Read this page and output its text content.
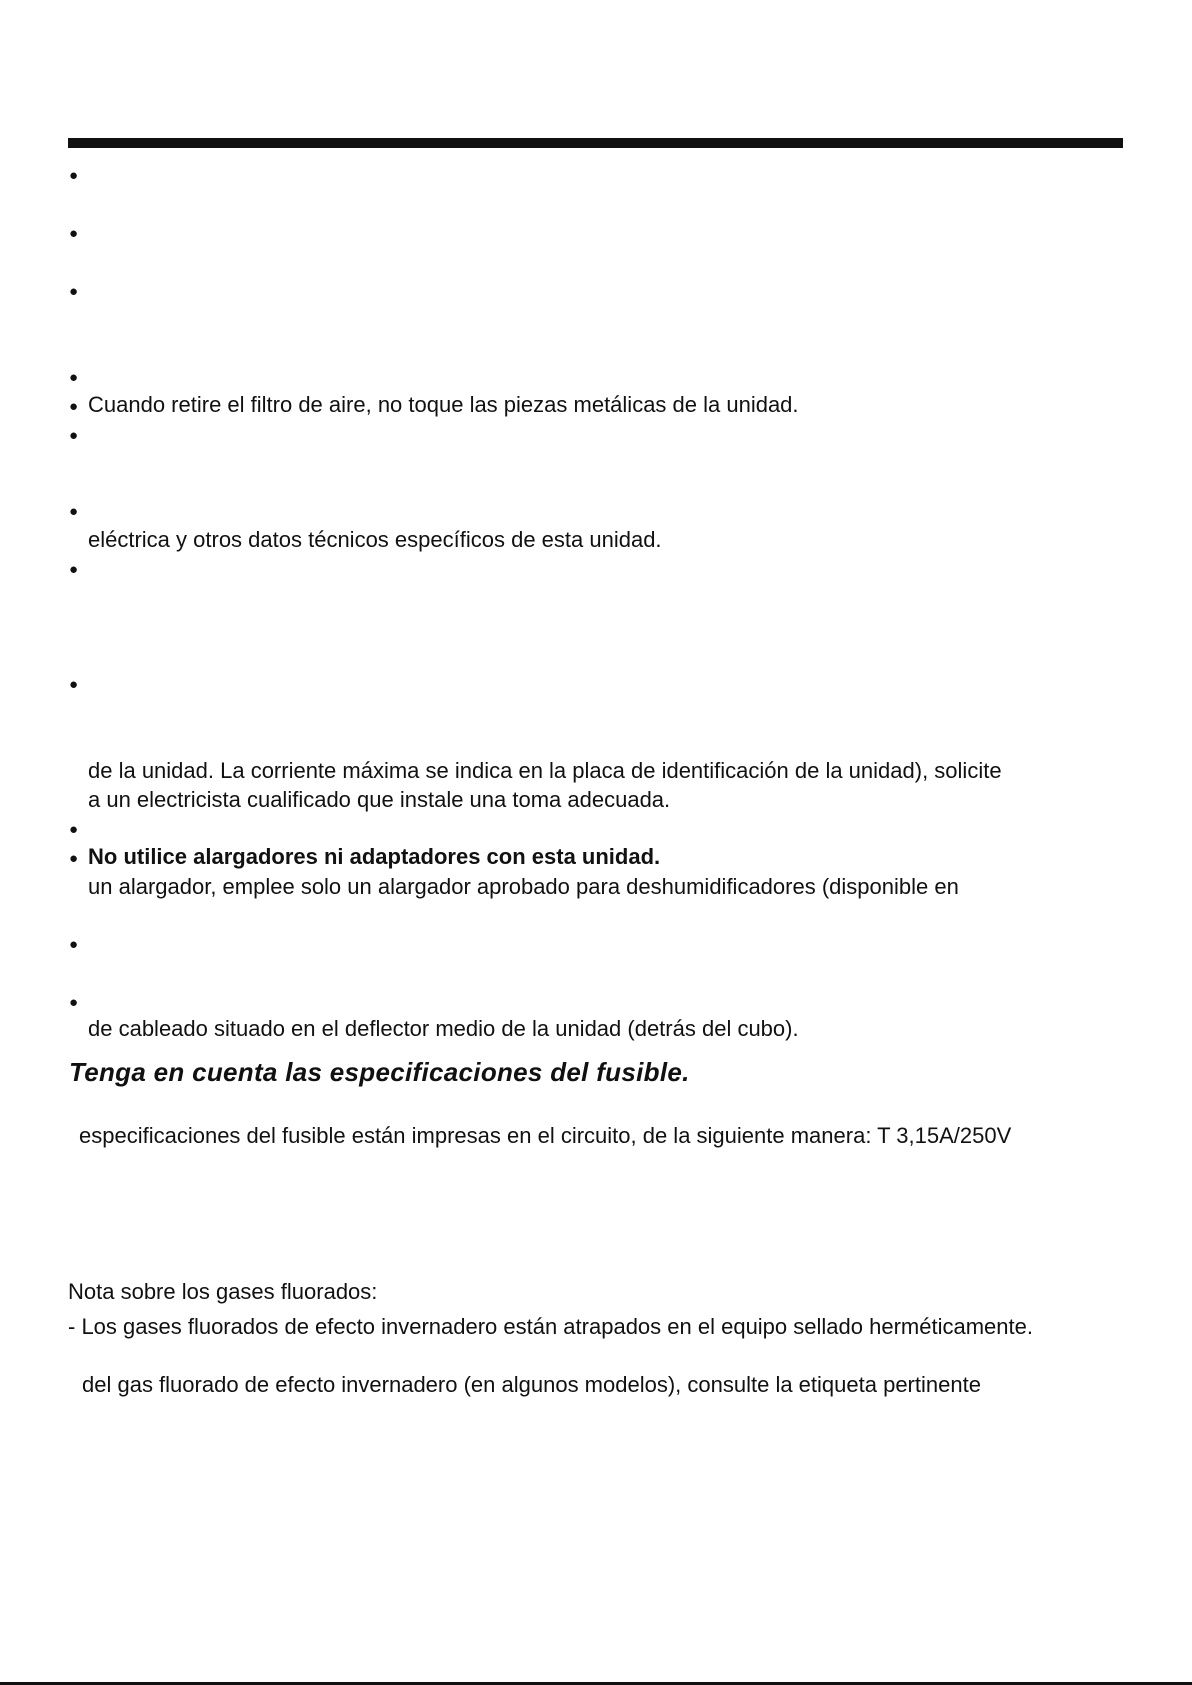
●
●
●
●
● Cuando retire el filtro de aire, no toque las piezas metálicas de la unidad.
●
●
eléctrica y otros datos técnicos específicos de esta unidad.
●
●
de la unidad. La corriente máxima se indica en la placa de identificación de la unidad), solicite
a un electricista cualificado que instale una toma adecuada.
●
● No utilice alargadores ni adaptadores con esta unidad.
un alargador, emplee solo un alargador aprobado para deshumidificadores (disponible en
●
●
de cableado situado en el deflector medio de la unidad (detrás del cubo).
Tenga en cuenta las especificaciones del fusible.
especificaciones del fusible están impresas en el circuito, de la siguiente manera: T 3,15A/250V
Nota sobre los gases fluorados:
- Los gases fluorados de efecto invernadero están atrapados en el equipo sellado herméticamente.
del gas fluorado de efecto invernadero (en algunos modelos), consulte la etiqueta pertinente
